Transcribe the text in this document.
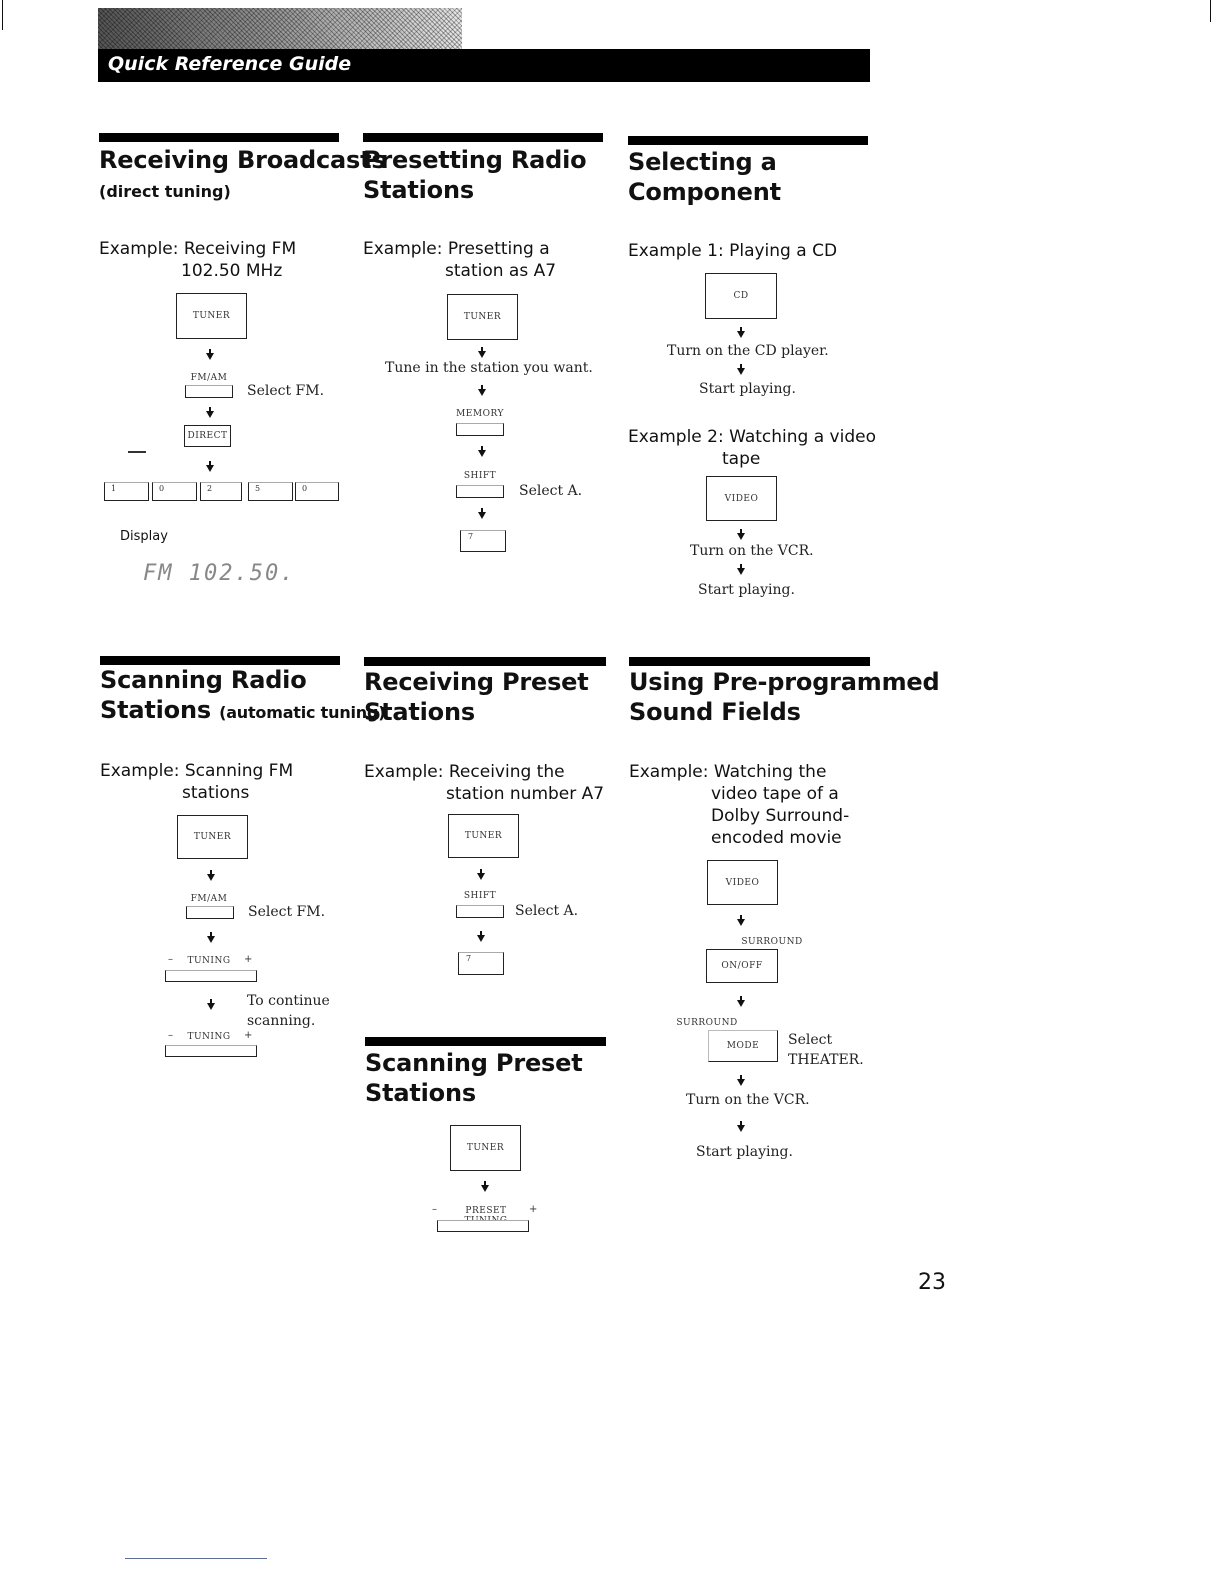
Quick Reference Guide
Receiving Broadcasts
(direct tuning)
Example: Receiving FM
102.50 MHz
TUNER
FM/AM
Select FM.
DIRECT
1	0	2	5	0
Display
FM 102.50.
Presetting Radio
Stations
Example: Presetting a
station as A7
TUNER
Tune in the station you want.
MEMORY
SHIFT
Select A.
7
Selecting a
Component
Example 1: Playing a CD
CD
Turn on the CD player.
Start playing.
Example 2: Watching a video
tape
VIDEO
Turn on the VCR.
Start playing.
Scanning Radio
Stations (automatic tuning)
Example: Scanning FM
stations
TUNER
FM/AM
Select FM.
– TUNING +
To continue
scanning.
– TUNING +
Receiving Preset
Stations
Example: Receiving the
station number A7
TUNER
SHIFT
Select A.
7
Scanning Preset
Stations
TUNER
–	PRESET	+
Using Pre-programmed
Sound Fields
Example: Watching the
video tape of a
Dolby Surround-
encoded movie
VIDEO
SURROUND
ON/OFF
SURROUND
MODE	Select
THEATER.
Turn on the VCR.
Start playing.
23
